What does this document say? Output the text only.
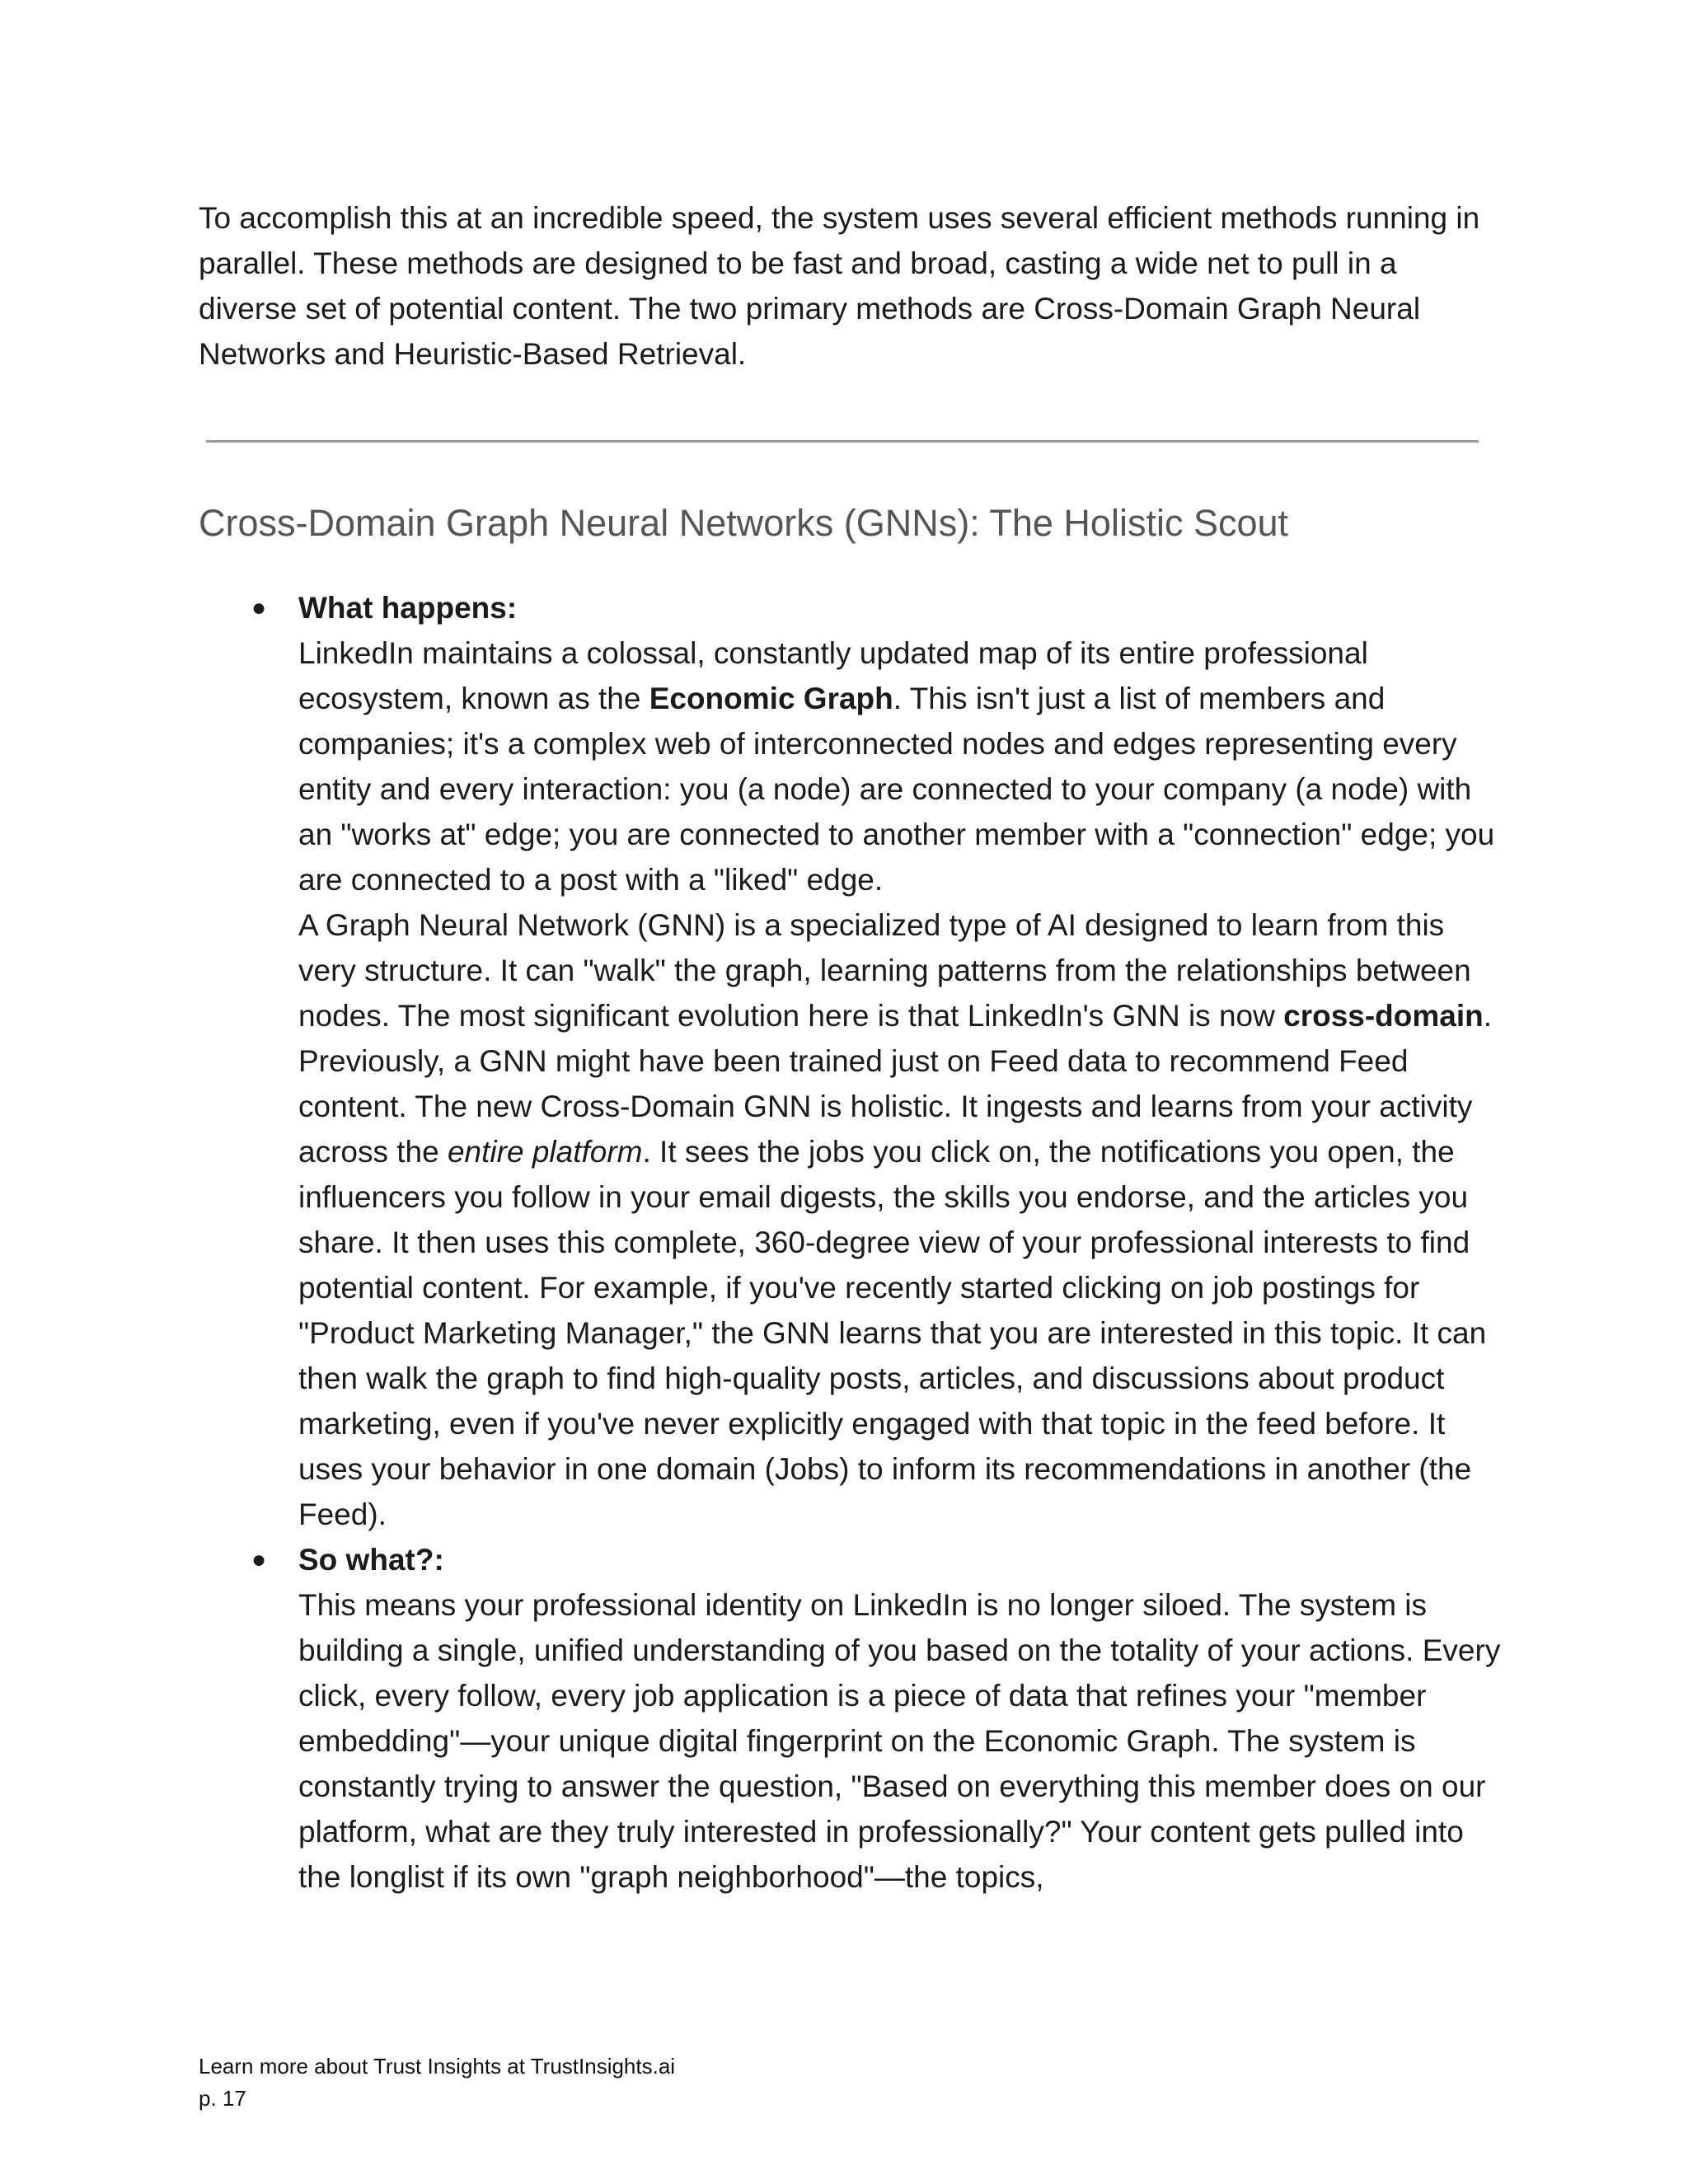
To accomplish this at an incredible speed, the system uses several efficient methods running in parallel. These methods are designed to be fast and broad, casting a wide net to pull in a diverse set of potential content. The two primary methods are Cross-Domain Graph Neural Networks and Heuristic-Based Retrieval.

Cross-Domain Graph Neural Networks (GNNs): The Holistic Scout
● What happens:
LinkedIn maintains a colossal, constantly updated map of its entire professional ecosystem, known as the Economic Graph. This isn't just a list of members and companies; it's a complex web of interconnected nodes and edges representing every entity and every interaction: you (a node) are connected to your company (a node) with an "works at" edge; you are connected to another member with a "connection" edge; you are connected to a post with a "liked" edge.
A Graph Neural Network (GNN) is a specialized type of AI designed to learn from this very structure. It can "walk" the graph, learning patterns from the relationships between nodes. The most significant evolution here is that LinkedIn's GNN is now cross-domain.
Previously, a GNN might have been trained just on Feed data to recommend Feed content. The new Cross-Domain GNN is holistic. It ingests and learns from your activity across the entire platform. It sees the jobs you click on, the notifications you open, the influencers you follow in your email digests, the skills you endorse, and the articles you share. It then uses this complete, 360-degree view of your professional interests to find potential content. For example, if you've recently started clicking on job postings for "Product Marketing Manager," the GNN learns that you are interested in this topic. It can then walk the graph to find high-quality posts, articles, and discussions about product marketing, even if you've never explicitly engaged with that topic in the feed before. It uses your behavior in one domain (Jobs) to inform its recommendations in another (the Feed).
● So what?:
This means your professional identity on LinkedIn is no longer siloed. The system is building a single, unified understanding of you based on the totality of your actions. Every click, every follow, every job application is a piece of data that refines your "member embedding"—your unique digital fingerprint on the Economic Graph. The system is constantly trying to answer the question, "Based on everything this member does on our platform, what are they truly interested in professionally?" Your content gets pulled into the longlist if its own "graph neighborhood"—the topics,
Learn more about Trust Insights at TrustInsights.ai
p. 17
